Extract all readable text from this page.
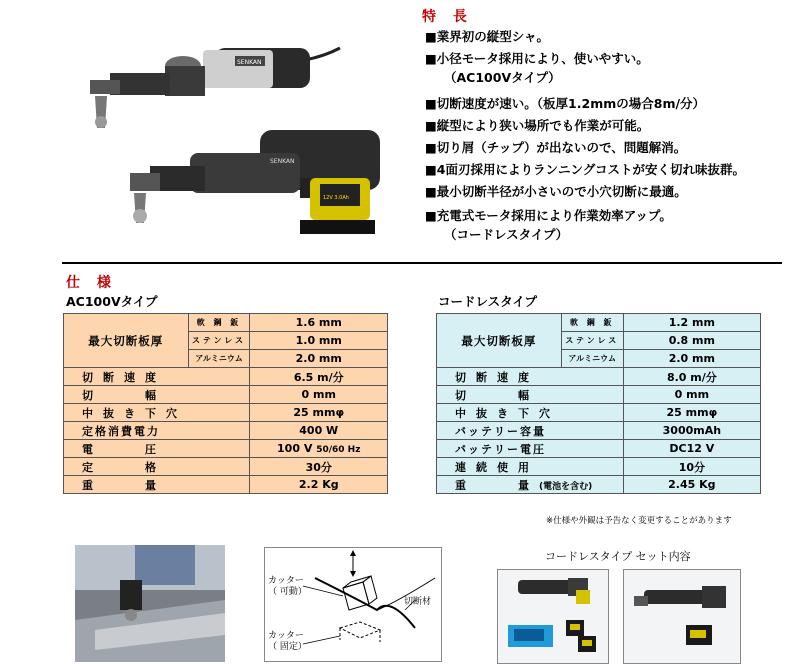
SENKAN
12V 3.0Ah
SENKAN
特 長
■業界初の縦型シャ。
■小径モータ採用により、使いやすい。
（AC100Vタイプ）
■切断速度が速い。（板厚1.2mmの場合8m/分）
■縦型により狭い場所でも作業が可能。
■切り屑（チップ）が出ないので、問題解消。
■4面刃採用によりランニングコストが安く切れ味抜群。
■最小切断半径が小さいので小穴切断に最適。
■充電式モータ採用により作業効率アップ。
（コードレスタイプ）
仕 様
AC100Vタイプ	コードレスタイプ
最大切断板厚	軟 鋼 鈑	1.6 mm
	ステンレス	1.0 mm
	アルミニウム	2.0 mm
切断速度		6.5 m/分
切　　幅		0 mm
中抜き下穴		25 mmφ
定格消費電力		400 W
電　　圧		100 V 50/60 Hz
定　　格		30分
重　　量		2.2 Kg
最大切断板厚	軟 鋼 鈑	1.2 mm
	ステンレス	0.8 mm
	アルミニウム	2.0 mm
切断速度		8.0 m/分
切　　幅		0 mm
中抜き下穴		25 mmφ
バッテリー容量		3000mAh
バッテリー電圧		DC12 V
連続使用		10分
重　　量(電池を含む)		2.45 Kg
※仕様や外観は予告なく変更することがあります
カッター
（ 可動）
カッター
（ 固定）
切断材
コードレスタイプ セット内容
